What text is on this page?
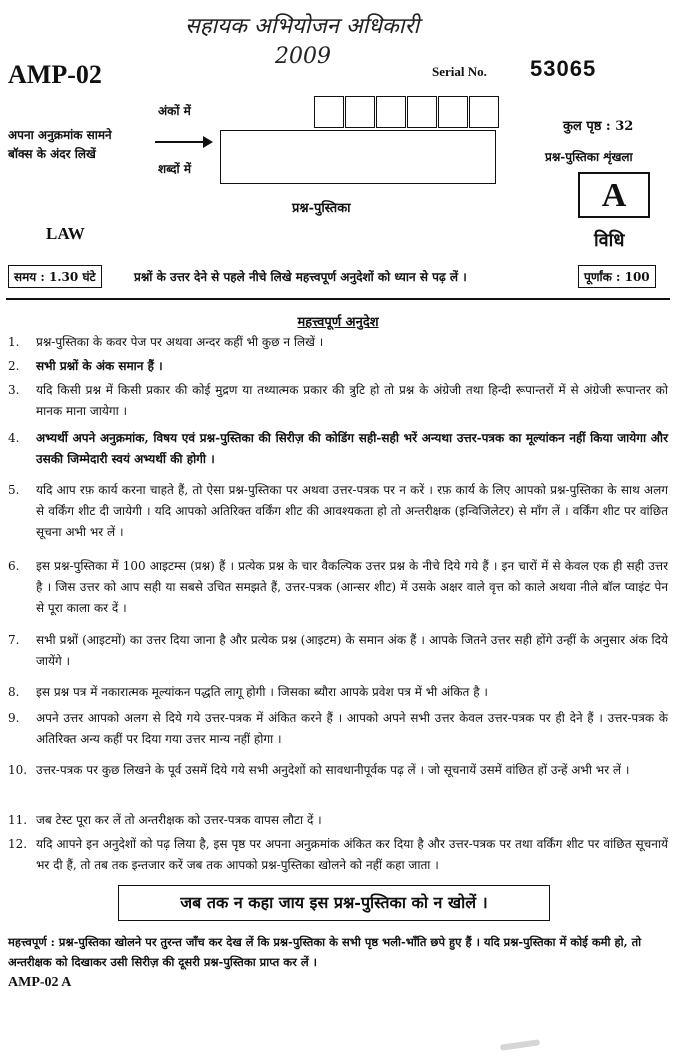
सहायक अभियोजन अधिकारी
2009
AMP-02	Serial No. 53065
अंकों में
शब्दों में
अपना अनुक्रमांक सामने
बॉक्स के अंदर लिखें
कुल पृष्ठ : 32
प्रश्न-पुस्तिका शृंखला
A
प्रश्न-पुस्तिका
LAW	विधि
समय : 1.30 घंटे	प्रश्नों के उत्तर देने से पहले नीचे लिखे महत्त्वपूर्ण अनुदेशों को ध्यान से पढ़ लें ।	पूर्णांक : 100
महत्त्वपूर्ण अनुदेश
1.	प्रश्न-पुस्तिका के कवर पेज पर अथवा अन्दर कहीं भी कुछ न लिखें ।
2.	सभी प्रश्नों के अंक समान हैं ।
3.	यदि किसी प्रश्न में किसी प्रकार की कोई मुद्रण या तथ्यात्मक प्रकार की त्रुटि हो तो प्रश्न के अंग्रेजी तथा हिन्दी रूपान्तरों में से अंग्रेजी रूपान्तर को मानक माना जायेगा ।
4.	अभ्यर्थी अपने अनुक्रमांक, विषय एवं प्रश्न-पुस्तिका की सिरीज़ की कोडिंग सही-सही भरें अन्यथा उत्तर-पत्रक का मूल्यांकन नहीं किया जायेगा और उसकी जिम्मेदारी स्वयं अभ्यर्थी की होगी ।
5.	यदि आप रफ़ कार्य करना चाहते हैं, तो ऐसा प्रश्न-पुस्तिका पर अथवा उत्तर-पत्रक पर न करें । रफ़ कार्य के लिए आपको प्रश्न-पुस्तिका के साथ अलग से वर्किंग शीट दी जायेगी । यदि आपको अतिरिक्त वर्किंग शीट की आवश्यकता हो तो अन्तरीक्षक (इन्विजिलेटर) से माँग लें । वर्किंग शीट पर वांछित सूचना अभी भर लें ।
6.	इस प्रश्न-पुस्तिका में 100 आइटम्स (प्रश्न) हैं । प्रत्येक प्रश्न के चार वैकल्पिक उत्तर प्रश्न के नीचे दिये गये हैं । इन चारों में से केवल एक ही सही उत्तर है । जिस उत्तर को आप सही या सबसे उचित समझते हैं, उत्तर-पत्रक (आन्सर शीट) में उसके अक्षर वाले वृत्त को काले अथवा नीले बॉल प्वाइंट पेन से पूरा काला कर दें ।
7.	सभी प्रश्नों (आइटमों) का उत्तर दिया जाना है और प्रत्येक प्रश्न (आइटम) के समान अंक हैं । आपके जितने उत्तर सही होंगे उन्हीं के अनुसार अंक दिये जायेंगे ।
8.	इस प्रश्न पत्र में नकारात्मक मूल्यांकन पद्धति लागू होगी । जिसका ब्यौरा आपके प्रवेश पत्र में भी अंकित है ।
9.	अपने उत्तर आपको अलग से दिये गये उत्तर-पत्रक में अंकित करने हैं । आपको अपने सभी उत्तर केवल उत्तर-पत्रक पर ही देने हैं । उत्तर-पत्रक के अतिरिक्त अन्य कहीं पर दिया गया उत्तर मान्य नहीं होगा ।
10. उत्तर-पत्रक पर कुछ लिखने के पूर्व उसमें दिये गये सभी अनुदेशों को सावधानीपूर्वक पढ़ लें । जो सूचनायें उसमें वांछित हों उन्हें अभी भर लें ।
11. जब टेस्ट पूरा कर लें तो अन्तरीक्षक को उत्तर-पत्रक वापस लौटा दें ।
12. यदि आपने इन अनुदेशों को पढ़ लिया है, इस पृष्ठ पर अपना अनुक्रमांक अंकित कर दिया है और उत्तर-पत्रक पर तथा वर्किंग शीट पर वांछित सूचनायें भर दी हैं, तो तब तक इन्तजार करें जब तक आपको प्रश्न-पुस्तिका खोलने को नहीं कहा जाता ।
जब तक न कहा जाय इस प्रश्न-पुस्तिका को न खोलें ।
महत्त्वपूर्ण : प्रश्न-पुस्तिका खोलने पर तुरन्त जाँच कर देख लें कि प्रश्न-पुस्तिका के सभी पृष्ठ भली-भाँति छपे हुए हैं । यदि प्रश्न-पुस्तिका में कोई कमी हो, तो अन्तरीक्षक को दिखाकर उसी सिरीज़ की दूसरी प्रश्न-पुस्तिका प्राप्त कर लें ।
AMP-02 A
